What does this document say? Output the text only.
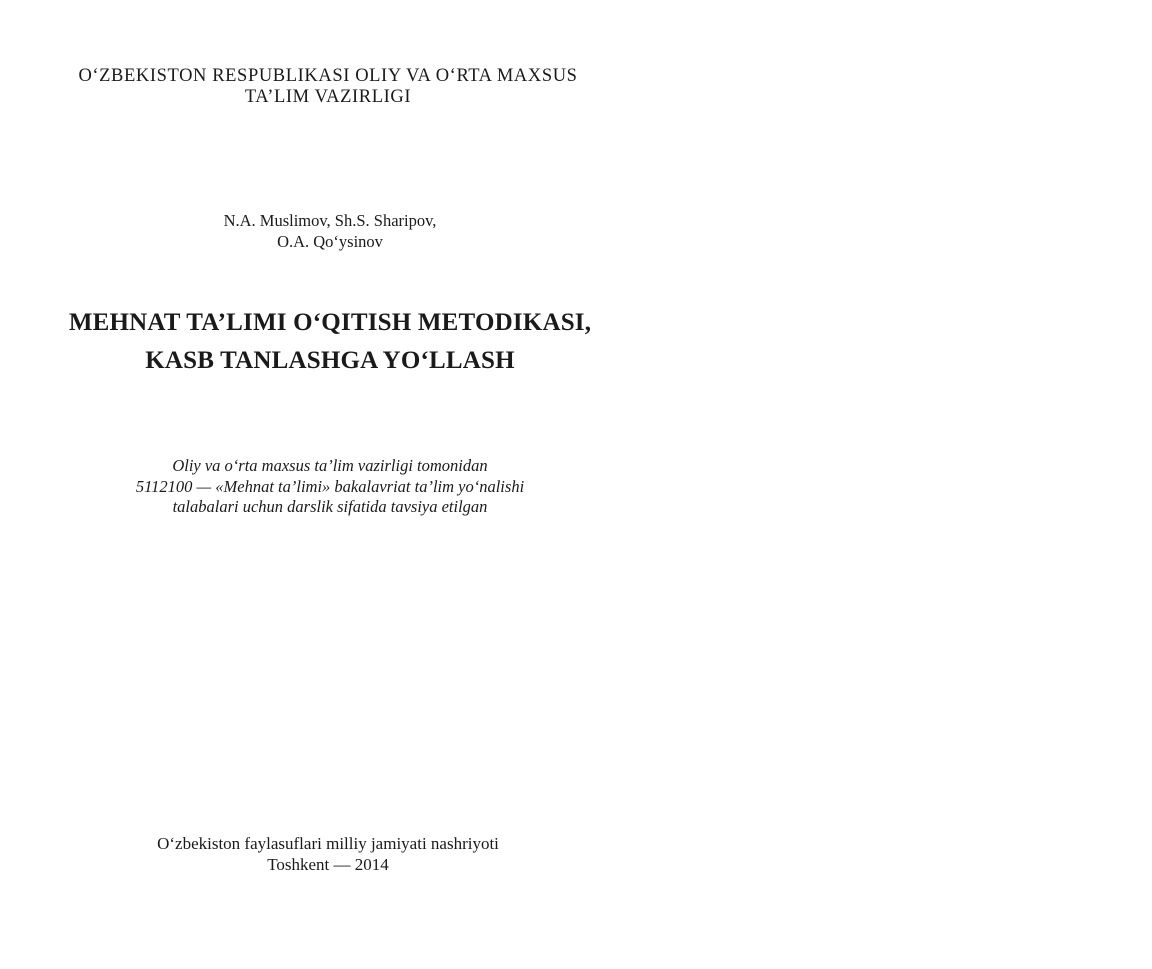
O‘ZBEKISTON RESPUBLIKASI OLIY VA O‘RTA MAXSUS
TA’LIM VAZIRLIGI
N.A. Muslimov, Sh.S. Sharipov,
O.A. Qo‘ysinov
MEHNAT TA’LIMI O‘QITISH METODIKASI,
KASB TANLASHGA YO‘LLASH
Oliy va o‘rta maxsus ta’lim vazirligi tomonidan
5112100 — «Mehnat ta’limi» bakalavriat ta’lim yo‘nalishi
talabalari uchun darslik sifatida tavsiya etilgan
O‘zbekiston faylasuflari milliy jamiyati nashriyoti
Toshkent — 2014
